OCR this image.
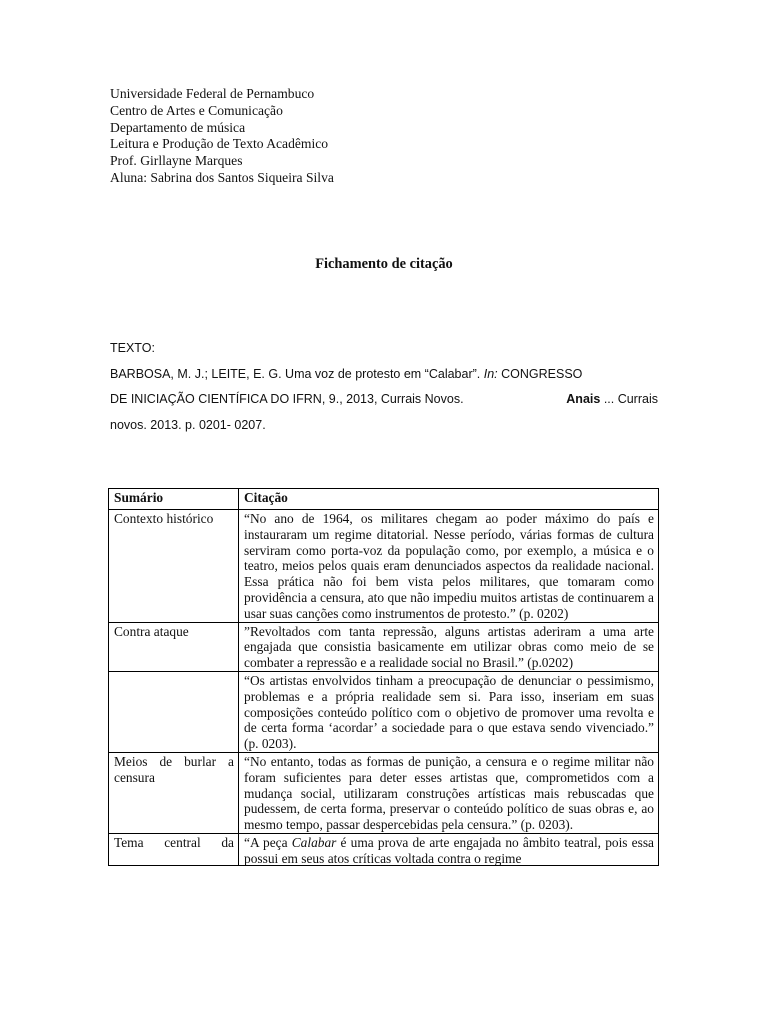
Universidade Federal de Pernambuco
Centro de Artes e Comunicação
Departamento de música
Leitura e Produção de Texto Acadêmico
Prof. Girllayne Marques
Aluna: Sabrina dos Santos Siqueira Silva
Fichamento de citação
TEXTO:
BARBOSA, M. J.; LEITE, E. G. Uma voz de protesto em “Calabar”. In: CONGRESSO
DE INICIAÇÃO CIENTÍFICA DO IFRN, 9., 2013, Currais Novos.	Anais ... Currais
novos. 2013. p. 0201- 0207.
Sumário	Citação
Contexto histórico	“No ano de 1964, os militares chegam ao poder máximo do país e instauraram um regime ditatorial. Nesse período, várias formas de cultura serviram como porta-voz da população como, por exemplo, a música e o teatro, meios pelos quais eram denunciados aspectos da realidade nacional. Essa prática não foi bem vista pelos militares, que tomaram como providência a censura, ato que não impediu muitos artistas de continuarem a usar suas canções como instrumentos de protesto.” (p. 0202)
Contra ataque	”Revoltados com tanta repressão, alguns artistas aderiram a uma arte engajada que consistia basicamente em utilizar obras como meio de se combater a repressão e a realidade social no Brasil.” (p.0202)
	“Os artistas envolvidos tinham a preocupação de denunciar o pessimismo, problemas e a própria realidade sem si. Para isso, inseriam em suas composições conteúdo político com o objetivo de promover uma revolta e de certa forma ‘acordar’ a sociedade para o que estava sendo vivenciado.” (p. 0203).
Meios de burlar a censura	“No entanto, todas as formas de punição, a censura e o regime militar não foram suficientes para deter esses artistas que, comprometidos com a mudança social, utilizaram construções artísticas mais rebuscadas que pudessem, de certa forma, preservar o conteúdo político de suas obras e, ao mesmo tempo, passar despercebidas pela censura.” (p. 0203).

Tema central da	“A peça Calabar é uma prova de arte engajada no âmbito teatral, pois essa possui em seus atos críticas voltada contra o regime
